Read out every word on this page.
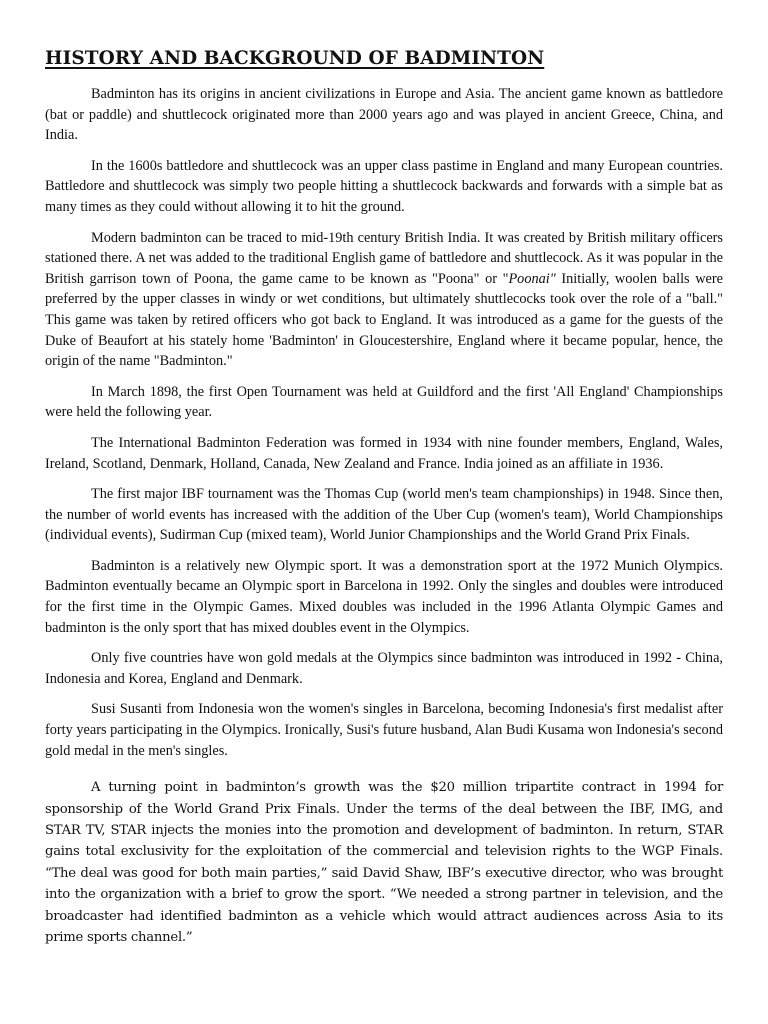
HISTORY AND BACKGROUND OF BADMINTON

Badminton has its origins in ancient civilizations in Europe and Asia. The ancient game known as battledore (bat or paddle) and shuttlecock originated more than 2000 years ago and was played in ancient Greece, China, and India.

In the 1600s battledore and shuttlecock was an upper class pastime in England and many European countries. Battledore and shuttlecock was simply two people hitting a shuttlecock backwards and forwards with a simple bat as many times as they could without allowing it to hit the ground.

Modern badminton can be traced to mid-19th century British India. It was created by British military officers stationed there. A net was added to the traditional English game of battledore and shuttlecock. As it was popular in the British garrison town of Poona, the game came to be known as "Poona" or "Poonai" Initially, woolen balls were preferred by the upper classes in windy or wet conditions, but ultimately shuttlecocks took over the role of a "ball." This game was taken by retired officers who got back to England. It was introduced as a game for the guests of the Duke of Beaufort at his stately home 'Badminton' in Gloucestershire, England where it became popular, hence, the origin of the name "Badminton."

In March 1898, the first Open Tournament was held at Guildford and the first 'All England' Championships were held the following year.

The International Badminton Federation was formed in 1934 with nine founder members, England, Wales, Ireland, Scotland, Denmark, Holland, Canada, New Zealand and France. India joined as an affiliate in 1936.

The first major IBF tournament was the Thomas Cup (world men's team championships) in 1948. Since then, the number of world events has increased with the addition of the Uber Cup (women's team), World Championships (individual events), Sudirman Cup (mixed team), World Junior Championships and the World Grand Prix Finals.

Badminton is a relatively new Olympic sport. It was a demonstration sport at the 1972 Munich Olympics. Badminton eventually became an Olympic sport in Barcelona in 1992. Only the singles and doubles were introduced for the first time in the Olympic Games. Mixed doubles was included in the 1996 Atlanta Olympic Games and badminton is the only sport that has mixed doubles event in the Olympics.

Only five countries have won gold medals at the Olympics since badminton was introduced in 1992 - China, Indonesia and Korea, England and Denmark.

Susi Susanti from Indonesia won the women's singles in Barcelona, becoming Indonesia's first medalist after forty years participating in the Olympics. Ironically, Susi's future husband, Alan Budi Kusama won Indonesia's second gold medal in the men's singles.

A turning point in badminton’s growth was the $20 million tripartite contract in 1994 for sponsorship of the World Grand Prix Finals. Under the terms of the deal between the IBF, IMG, and STAR TV, STAR injects the monies into the promotion and development of badminton. In return, STAR gains total exclusivity for the exploitation of the commercial and television rights to the WGP Finals. “The deal was good for both main parties,” said David Shaw, IBF’s executive director, who was brought into the organization with a brief to grow the sport. “We needed a strong partner in television, and the broadcaster had identified badminton as a vehicle which would attract audiences across Asia to its prime sports channel.”
